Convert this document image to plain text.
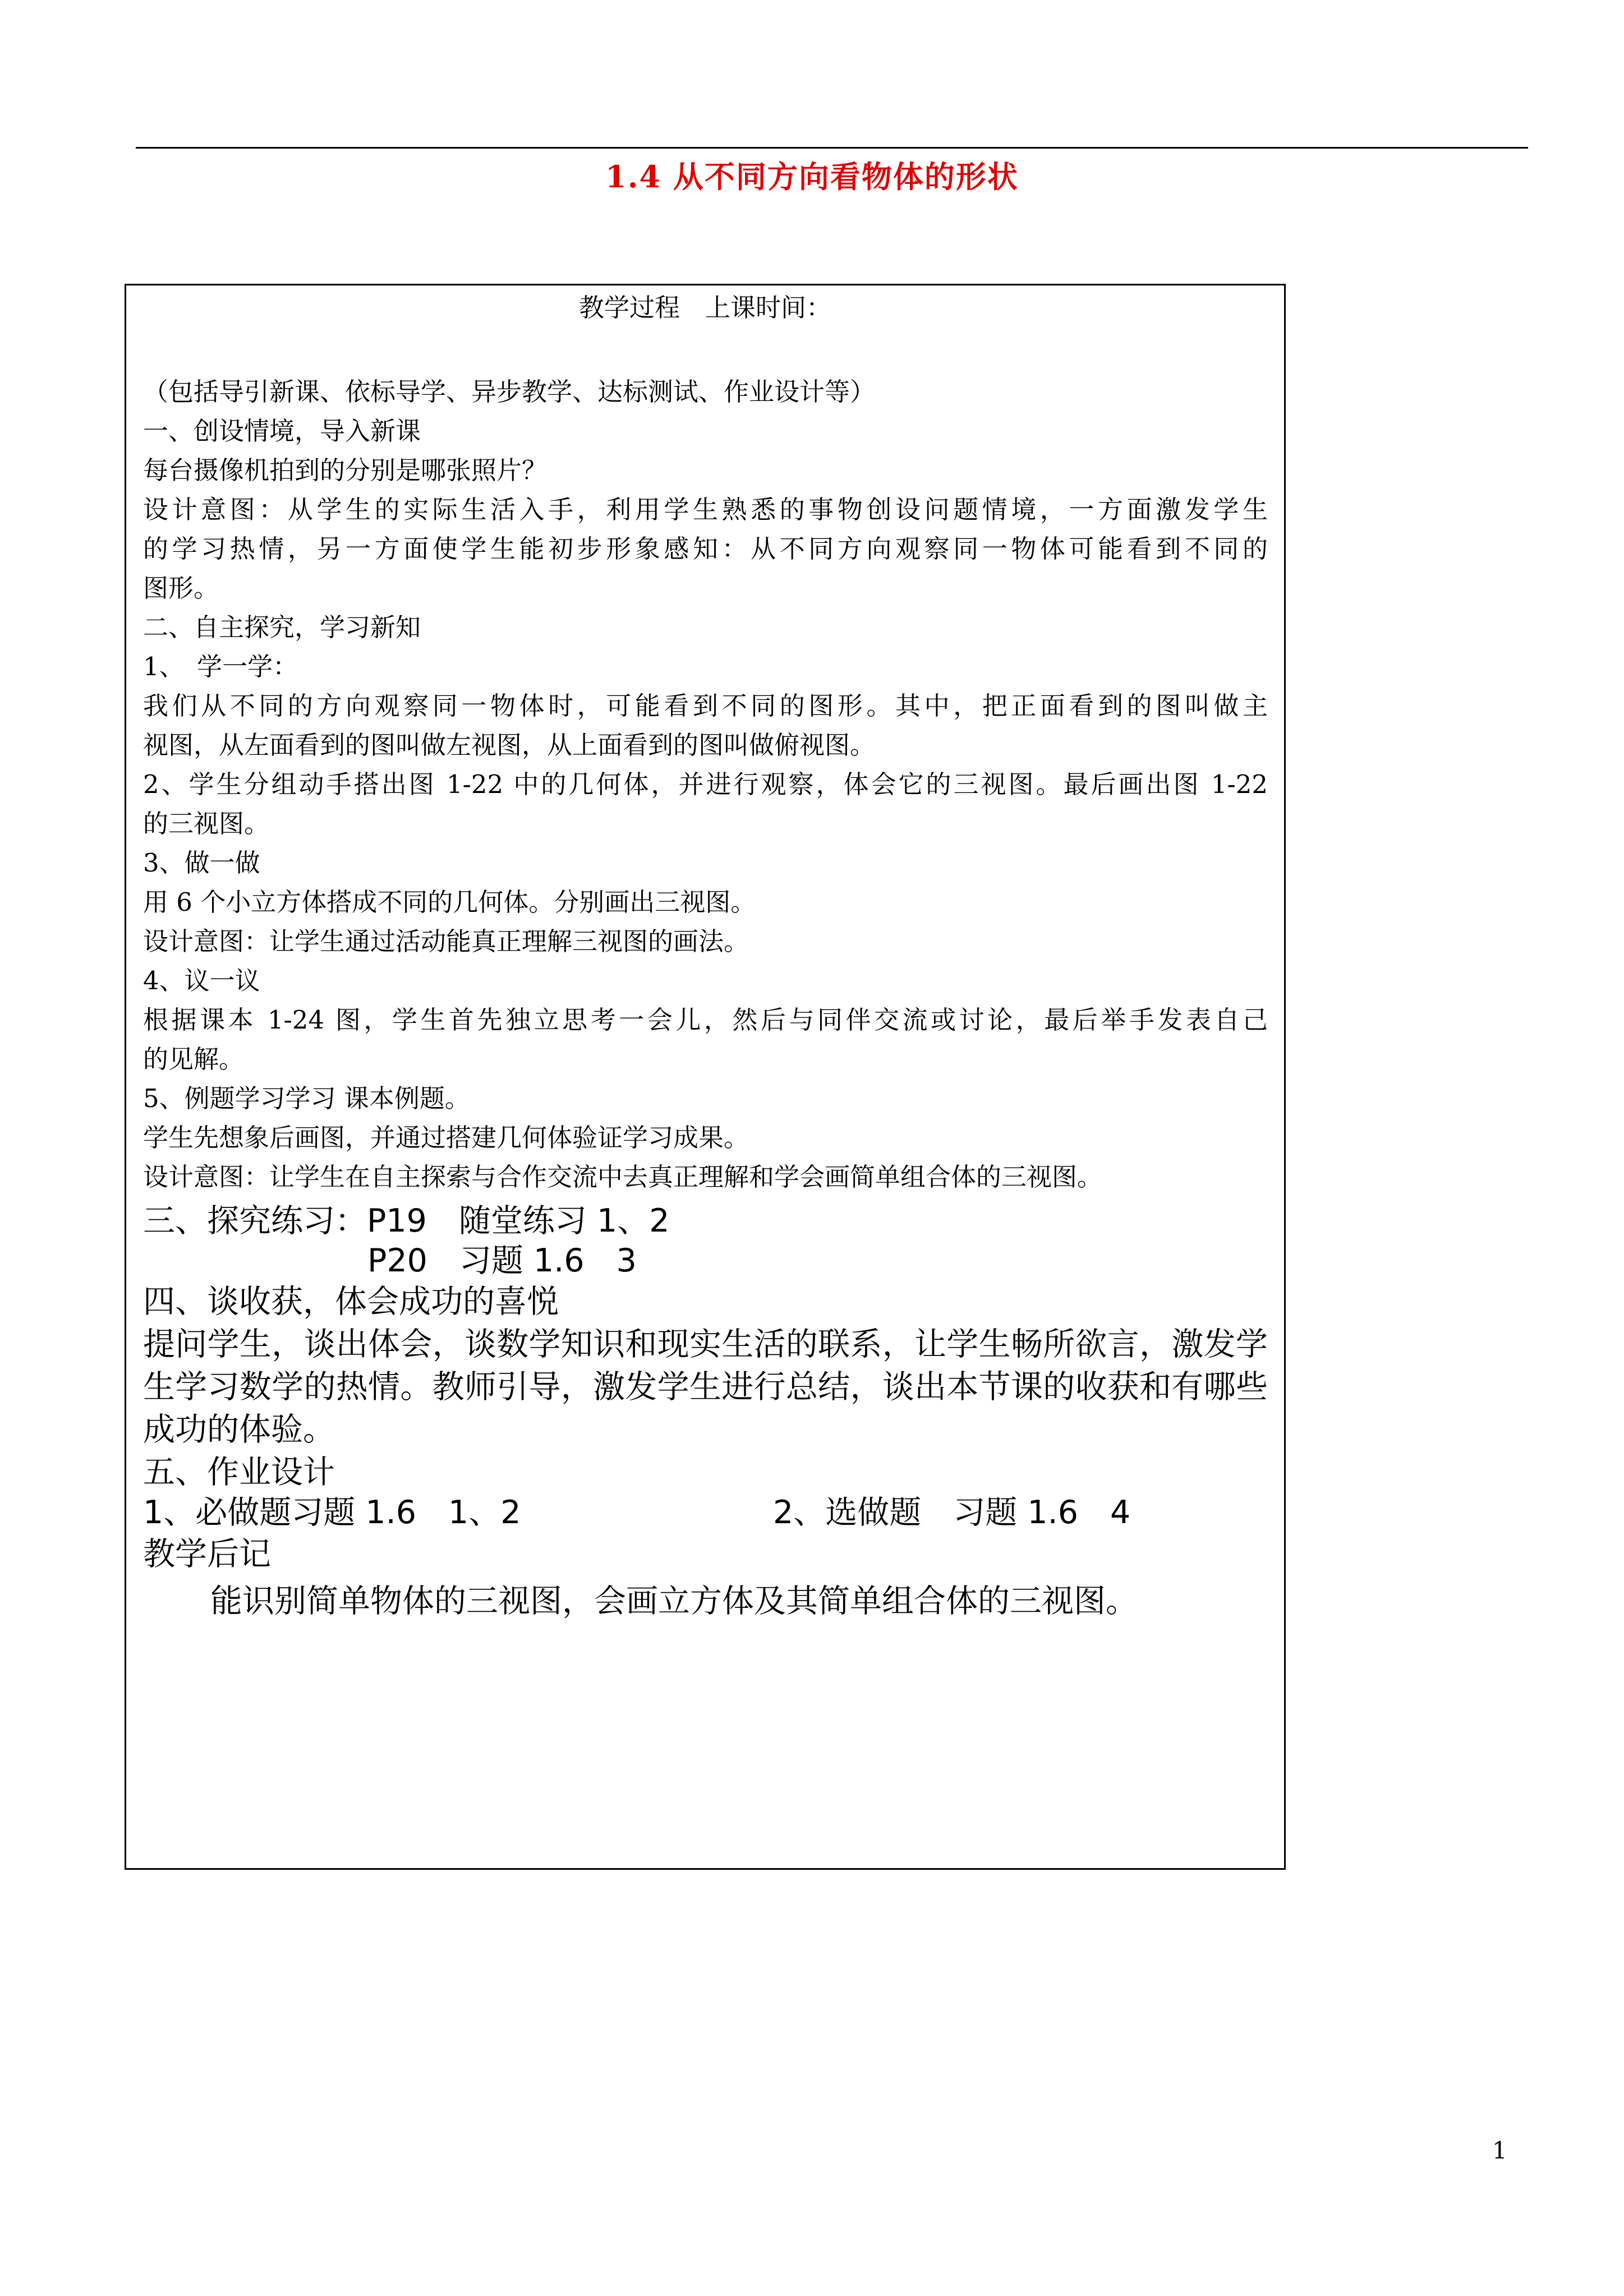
1.4 从不同方向看物体的形状
教学过程　上课时间：
（包括导引新课、依标导学、异步教学、达标测试、作业设计等）
一、创设情境，导入新课
每台摄像机拍到的分别是哪张照片？
设计意图：从学生的实际生活入手，利用学生熟悉的事物创设问题情境，一方面激发学生
的学习热情，另一方面使学生能初步形象感知：从不同方向观察同一物体可能看到不同的
图形。
二、自主探究，学习新知
1、　学一学：
我们从不同的方向观察同一物体时，可能看到不同的图形。其中，把正面看到的图叫做主
视图，从左面看到的图叫做左视图，从上面看到的图叫做俯视图。
2、学生分组动手搭出图 1-22 中的几何体，并进行观察，体会它的三视图。最后画出图 1-22
的三视图。
3、做一做
用 6 个小立方体搭成不同的几何体。分别画出三视图。
设计意图：让学生通过活动能真正理解三视图的画法。
4、议一议
根据课本 1-24 图，学生首先独立思考一会儿，然后与同伴交流或讨论，最后举手发表自己
的见解。
5、例题学习学习 课本例题。
学生先想象后画图，并通过搭建几何体验证学习成果。
设计意图：让学生在自主探索与合作交流中去真正理解和学会画简单组合体的三视图。
三、探究练习：P19　随堂练习 1、2
P20　习题 1.6　3
四、谈收获，体会成功的喜悦
提问学生，谈出体会，谈数学知识和现实生活的联系，让学生畅所欲言，激发学
生学习数学的热情。教师引导，激发学生进行总结，谈出本节课的收获和有哪些
成功的体验。
五、作业设计
1、必做题习题 1.6　1、2	2、选做题　习题 1.6　4
教学后记
能识别简单物体的三视图，会画立方体及其简单组合体的三视图。
1
